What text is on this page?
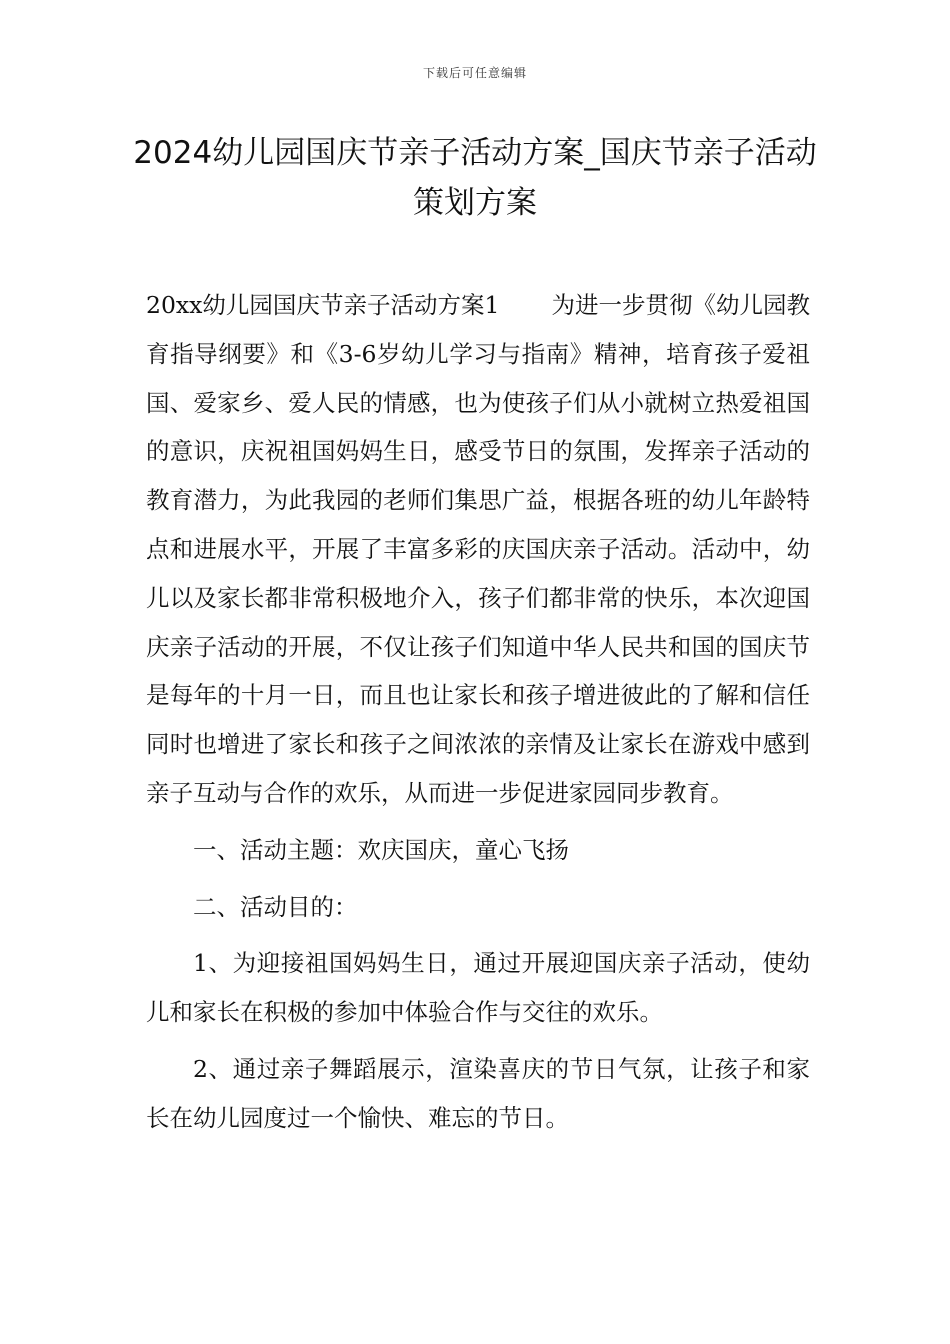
下载后可任意编辑
2024幼儿园国庆节亲子活动方案_国庆节亲子活动策划方案

20xx幼儿园国庆节亲子活动方案1 为进一步贯彻《幼儿园教育指导纲要》和《3-6岁幼儿学习与指南》精神，培育孩子爱祖国、爱家乡、爱人民的情感，也为使孩子们从小就树立热爱祖国的意识，庆祝祖国妈妈生日，感受节日的氛围，发挥亲子活动的教育潜力，为此我园的老师们集思广益，根据各班的幼儿年龄特点和进展水平，开展了丰富多彩的庆国庆亲子活动。活动中，幼儿以及家长都非常积极地介入，孩子们都非常的快乐，本次迎国庆亲子活动的开展，不仅让孩子们知道中华人民共和国的国庆节是每年的十月一日，而且也让家长和孩子增进彼此的了解和信任同时也增进了家长和孩子之间浓浓的亲情及让家长在游戏中感到亲子互动与合作的欢乐，从而进一步促进家园同步教育。

一、活动主题：欢庆国庆，童心飞扬

二、活动目的：

1、为迎接祖国妈妈生日，通过开展迎国庆亲子活动，使幼儿和家长在积极的参加中体验合作与交往的欢乐。

2、通过亲子舞蹈展示，渲染喜庆的节日气氛，让孩子和家长在幼儿园度过一个愉快、难忘的节日。
